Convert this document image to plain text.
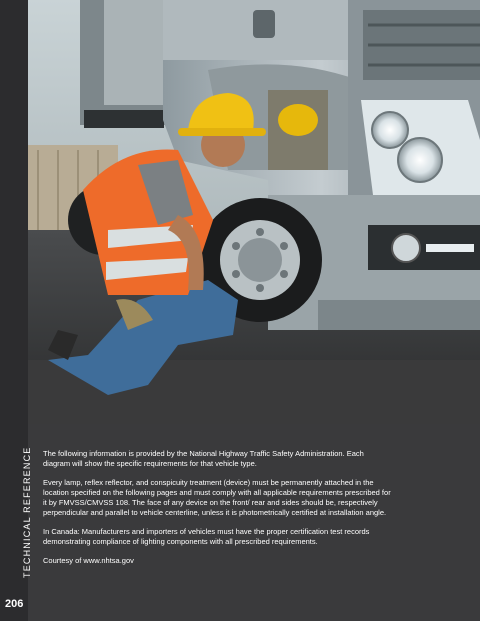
TECHNICAL REFERENCE
206

The following information is provided by the National Highway Traffic Safety Administration. Each diagram will show the specific requirements for that vehicle type.

Every lamp, reflex reflector, and conspicuity treatment (device) must be permanently attached in the location specified on the following pages and must comply with all applicable requirements prescribed for it by FMVSS/CMVSS 108. The face of any device on the front/ rear and sides should be, respectively perpendicular and parallel to vehicle centerline, unless it is photometrically certified at installation angle.

In Canada: Manufacturers and importers of vehicles must have the proper certification test records demonstrating compliance of lighting components with all prescribed requirements.

Courtesy of www.nhtsa.gov
